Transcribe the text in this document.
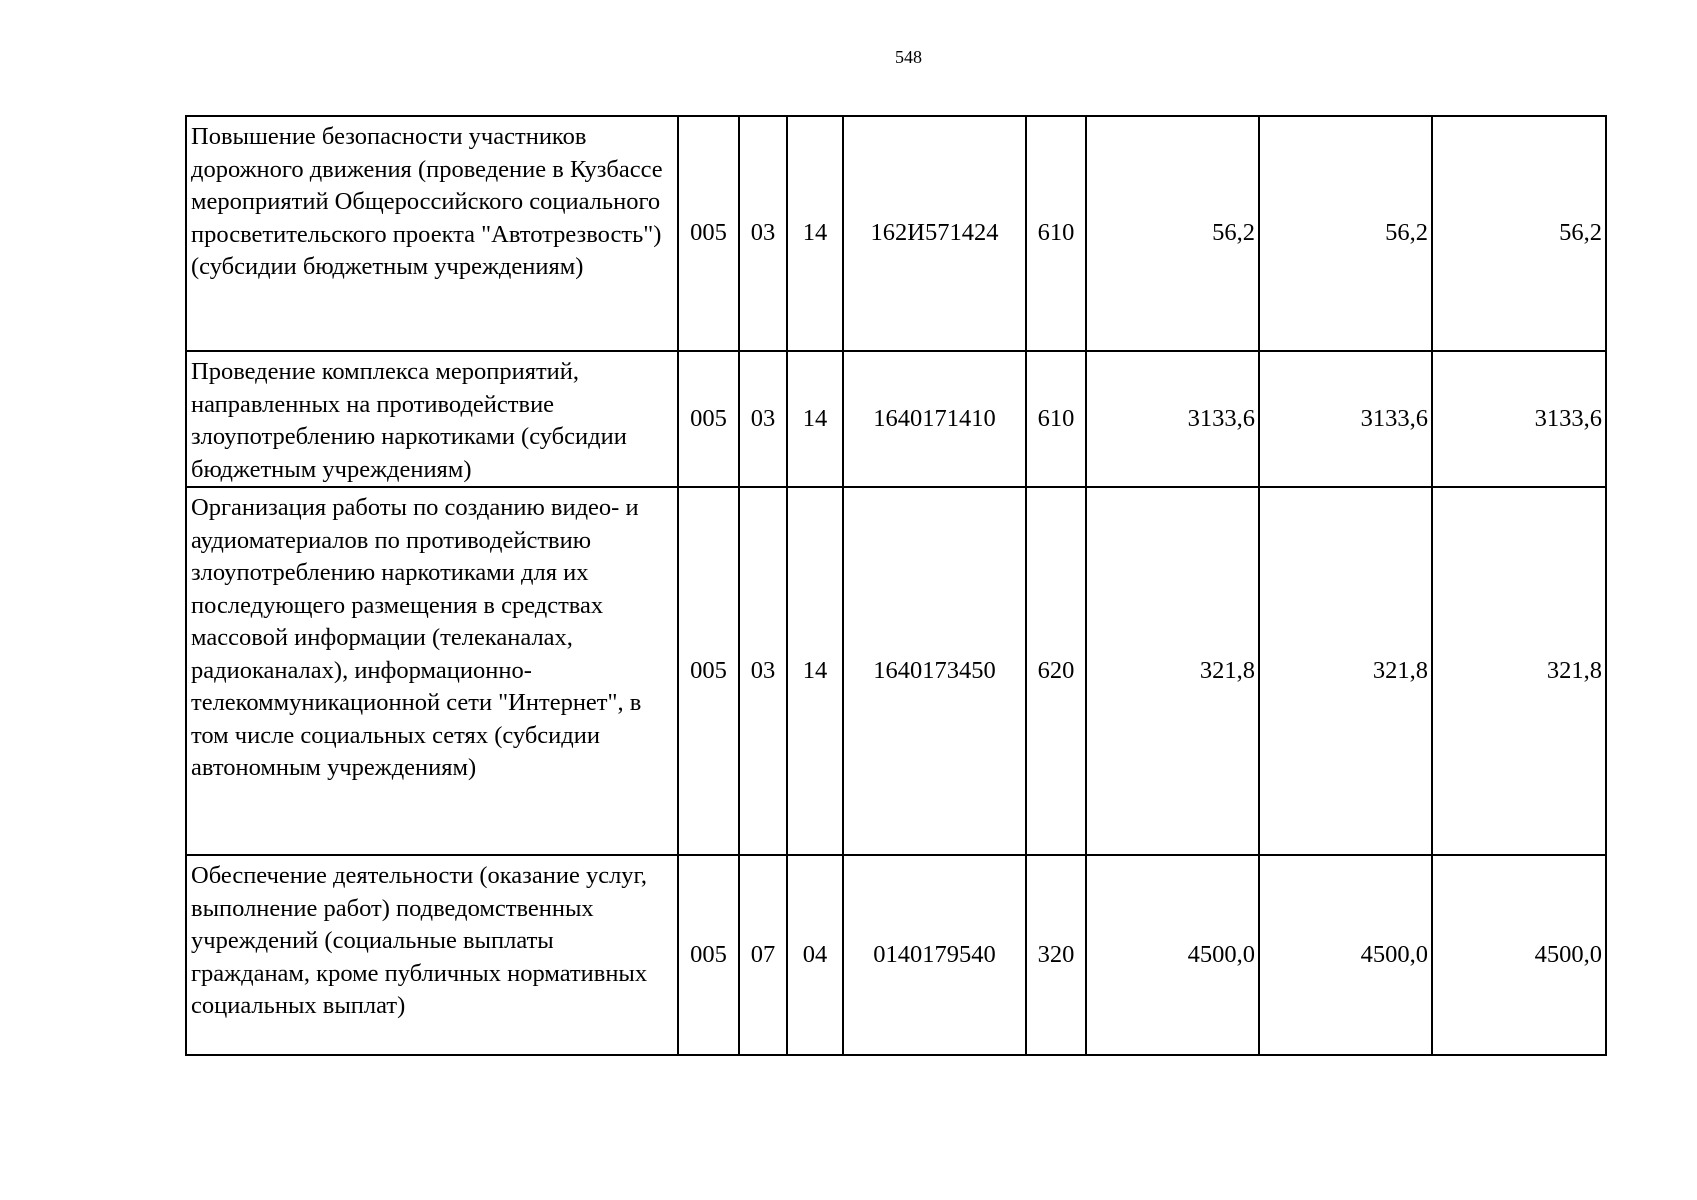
548
Повышение безопасности участников дорожного движения (проведение в Кузбассе мероприятий Общероссийского социального просветительского проекта "Автотрезвость") (субсидии бюджетным учреждениям)	005	03	14	162И571424	610	56,2	56,2	56,2
Проведение комплекса мероприятий, направленных на противодействие злоупотреблению наркотиками (субсидии бюджетным учреждениям)	005	03	14	1640171410	610	3133,6	3133,6	3133,6
Организация работы по созданию видео- и аудиоматериалов по противодействию злоупотреблению наркотиками для их последующего размещения в средствах массовой информации (телеканалах, радиоканалах), информационно-телекоммуникационной сети "Интернет", в том числе социальных сетях (субсидии автономным учреждениям)	005	03	14	1640173450	620	321,8	321,8	321,8
Обеспечение деятельности (оказание услуг, выполнение работ) подведомственных учреждений (социальные выплаты гражданам, кроме публичных нормативных социальных выплат)	005	07	04	0140179540	320	4500,0	4500,0	4500,0
